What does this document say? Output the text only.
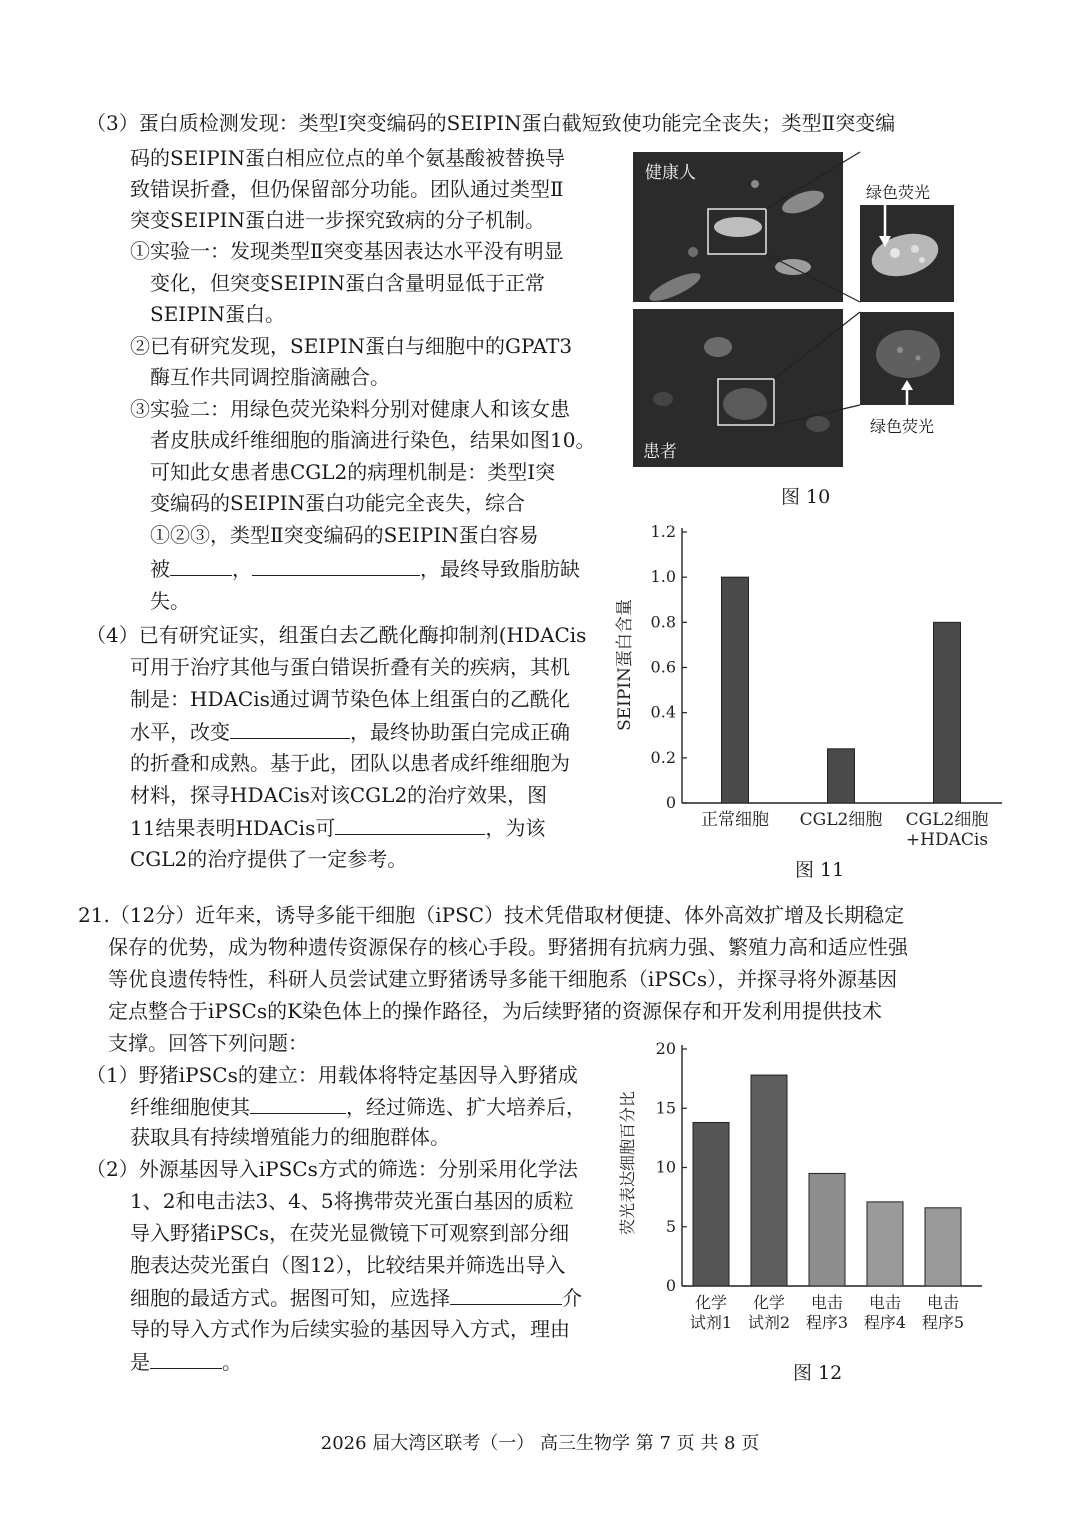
（3）蛋白质检测发现：类型Ⅰ突变编码的SEIPIN蛋白截短致使功能完全丧失；类型Ⅱ突变编
码的SEIPIN蛋白相应位点的单个氨基酸被替换导
致错误折叠，但仍保留部分功能。团队通过类型Ⅱ
突变SEIPIN蛋白进一步探究致病的分子机制。
①实验一：发现类型Ⅱ突变基因表达水平没有明显
变化，但突变SEIPIN蛋白含量明显低于正常
SEIPIN蛋白。
②已有研究发现，SEIPIN蛋白与细胞中的GPAT3
酶互作共同调控脂滴融合。
③实验二：用绿色荧光染料分别对健康人和该女患
者皮肤成纤维细胞的脂滴进行染色，结果如图10。
可知此女患者患CGL2的病理机制是：类型Ⅰ突
变编码的SEIPIN蛋白功能完全丧失，综合
①②③，类型Ⅱ突变编码的SEIPIN蛋白容易
被	，	，最终导致脂肪缺
失。
（4）已有研究证实，组蛋白去乙酰化酶抑制剂(HDACis
可用于治疗其他与蛋白错误折叠有关的疾病，其机
制是：HDACis通过调节染色体上组蛋白的乙酰化
水平，改变	，最终协助蛋白完成正确
的折叠和成熟。基于此，团队以患者成纤维细胞为
材料，探寻HDACis对该CGL2的治疗效果，图
11结果表明HDACis可	，为该
CGL2的治疗提供了一定参考。
健康人
患者
绿色荧光
绿色荧光
图 10
0
0.2
0.4
0.6
0.8
1.0
1.2
正常细胞 CGL2细胞 CGL2细胞
+HDACis
SEIPIN蛋白含量
图 11
21.（12分）近年来，诱导多能干细胞（iPSC）技术凭借取材便捷、体外高效扩增及长期稳定
保存的优势，成为物种遗传资源保存的核心手段。野猪拥有抗病力强、繁殖力高和适应性强
等优良遗传特性，科研人员尝试建立野猪诱导多能干细胞系（iPSCs），并探寻将外源基因
定点整合于iPSCs的K染色体上的操作路径，为后续野猪的资源保存和开发利用提供技术
支撑。回答下列问题：
（1）野猪iPSCs的建立：用载体将特定基因导入野猪成
纤维细胞使其	，经过筛选、扩大培养后，
获取具有持续增殖能力的细胞群体。
（2）外源基因导入iPSCs方式的筛选：分别采用化学法
1、2和电击法3、4、5将携带荧光蛋白基因的质粒
导入野猪iPSCs，在荧光显微镜下可观察到部分细
胞表达荧光蛋白（图12），比较结果并筛选出导入
细胞的最适方式。据图可知，应选择	介
导的导入方式作为后续实验的基因导入方式，理由
是	。
0
5
10
15
20
化学
试剂1
化学
试剂2
电击
程序3
电击
程序4
电击
程序5
荧光表达细胞百分比
图 12
2026 届大湾区联考（一） 高三生物学 第 7 页 共 8 页
